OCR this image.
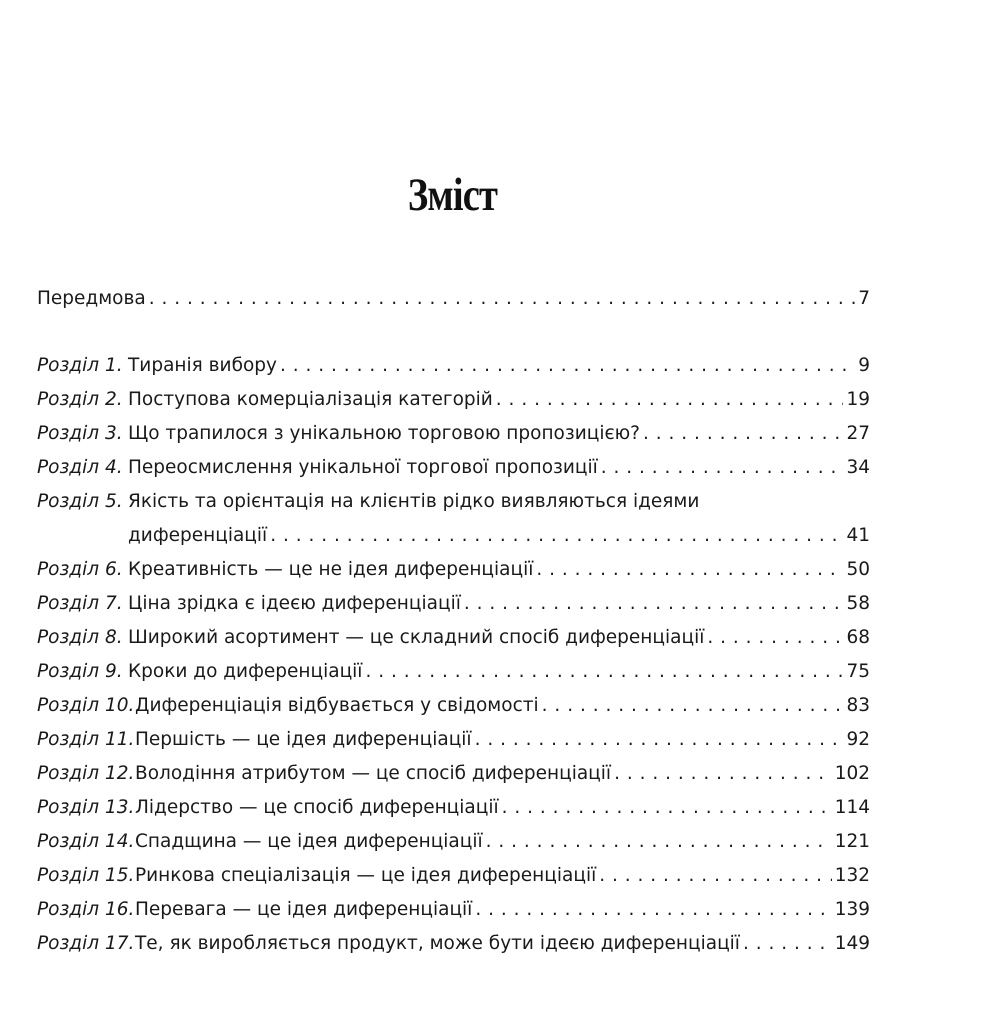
Зміст
Передмова . . .	7
Розділ 1. Тиранія вибору . . .	9
Розділ 2. Поступова комерціалізація категорій . . .	19
Розділ 3. Що трапилося з унікальною торговою пропозицією? . . .	27
Розділ 4. Переосмислення унікальної торгової пропозиції . . .	34
Розділ 5. Якість та орієнтація на клієнтів рідко виявляються ідеями
диференціації . . .	41
Розділ 6. Креативність — це не ідея диференціації . . .	50
Розділ 7. Ціна зрідка є ідеєю диференціації . . .	58
Розділ 8. Широкий асортимент — це складний спосіб диференціації . . .	68
Розділ 9. Кроки до диференціації . . .	75
Розділ 10. Диференціація відбувається у свідомості . . .	83
Розділ 11. Першість — це ідея диференціації . . .	92
Розділ 12. Володіння атрибутом — це спосіб диференціації . . .	102
Розділ 13. Лідерство — це спосіб диференціації . . .	114
Розділ 14. Спадщина — це ідея диференціації . . .	121
Розділ 15. Ринкова спеціалізація — це ідея диференціації . . .	132
Розділ 16. Перевага — це ідея диференціації . . .	139
Розділ 17. Те, як виробляється продукт, може бути ідеєю диференціації . . .	149
